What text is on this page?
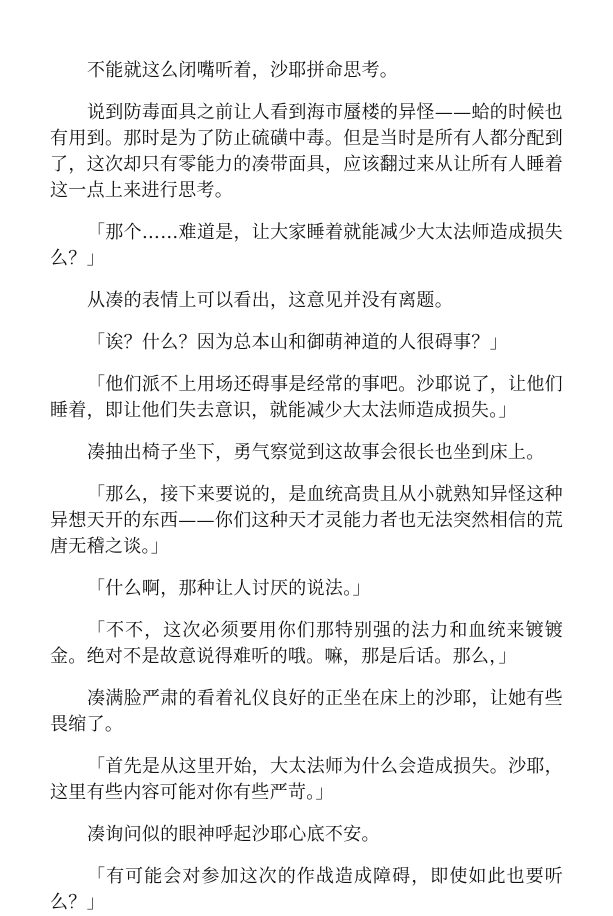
不能就这么闭嘴听着，沙耶拼命思考。

说到防毒面具之前让人看到海市蜃楼的异怪——蛤的时候也有用到。那时是为了防止硫磺中毒。但是当时是所有人都分配到了，这次却只有零能力的凑带面具，应该翻过来从让所有人睡着这一点上来进行思考。

「那个……难道是，让大家睡着就能减少大太法师造成损失么？」

从凑的表情上可以看出，这意见并没有离题。

「诶？什么？因为总本山和御萌神道的人很碍事？」

「他们派不上用场还碍事是经常的事吧。沙耶说了，让他们睡着，即让他们失去意识，就能减少大太法师造成损失。」

凑抽出椅子坐下，勇气察觉到这故事会很长也坐到床上。

「那么，接下来要说的，是血统高贵且从小就熟知异怪这种异想天开的东西——你们这种天才灵能力者也无法突然相信的荒唐无稽之谈。」

「什么啊，那种让人讨厌的说法。」

「不不，这次必须要用你们那特别强的法力和血统来镀镀金。绝对不是故意说得难听的哦。嘛，那是后话。那么，」

凑满脸严肃的看着礼仪良好的正坐在床上的沙耶，让她有些畏缩了。

「首先是从这里开始，大太法师为什么会造成损失。沙耶，这里有些内容可能对你有些严苛。」

凑询问似的眼神呼起沙耶心底不安。

「有可能会对参加这次的作战造成障碍，即使如此也要听么？」
